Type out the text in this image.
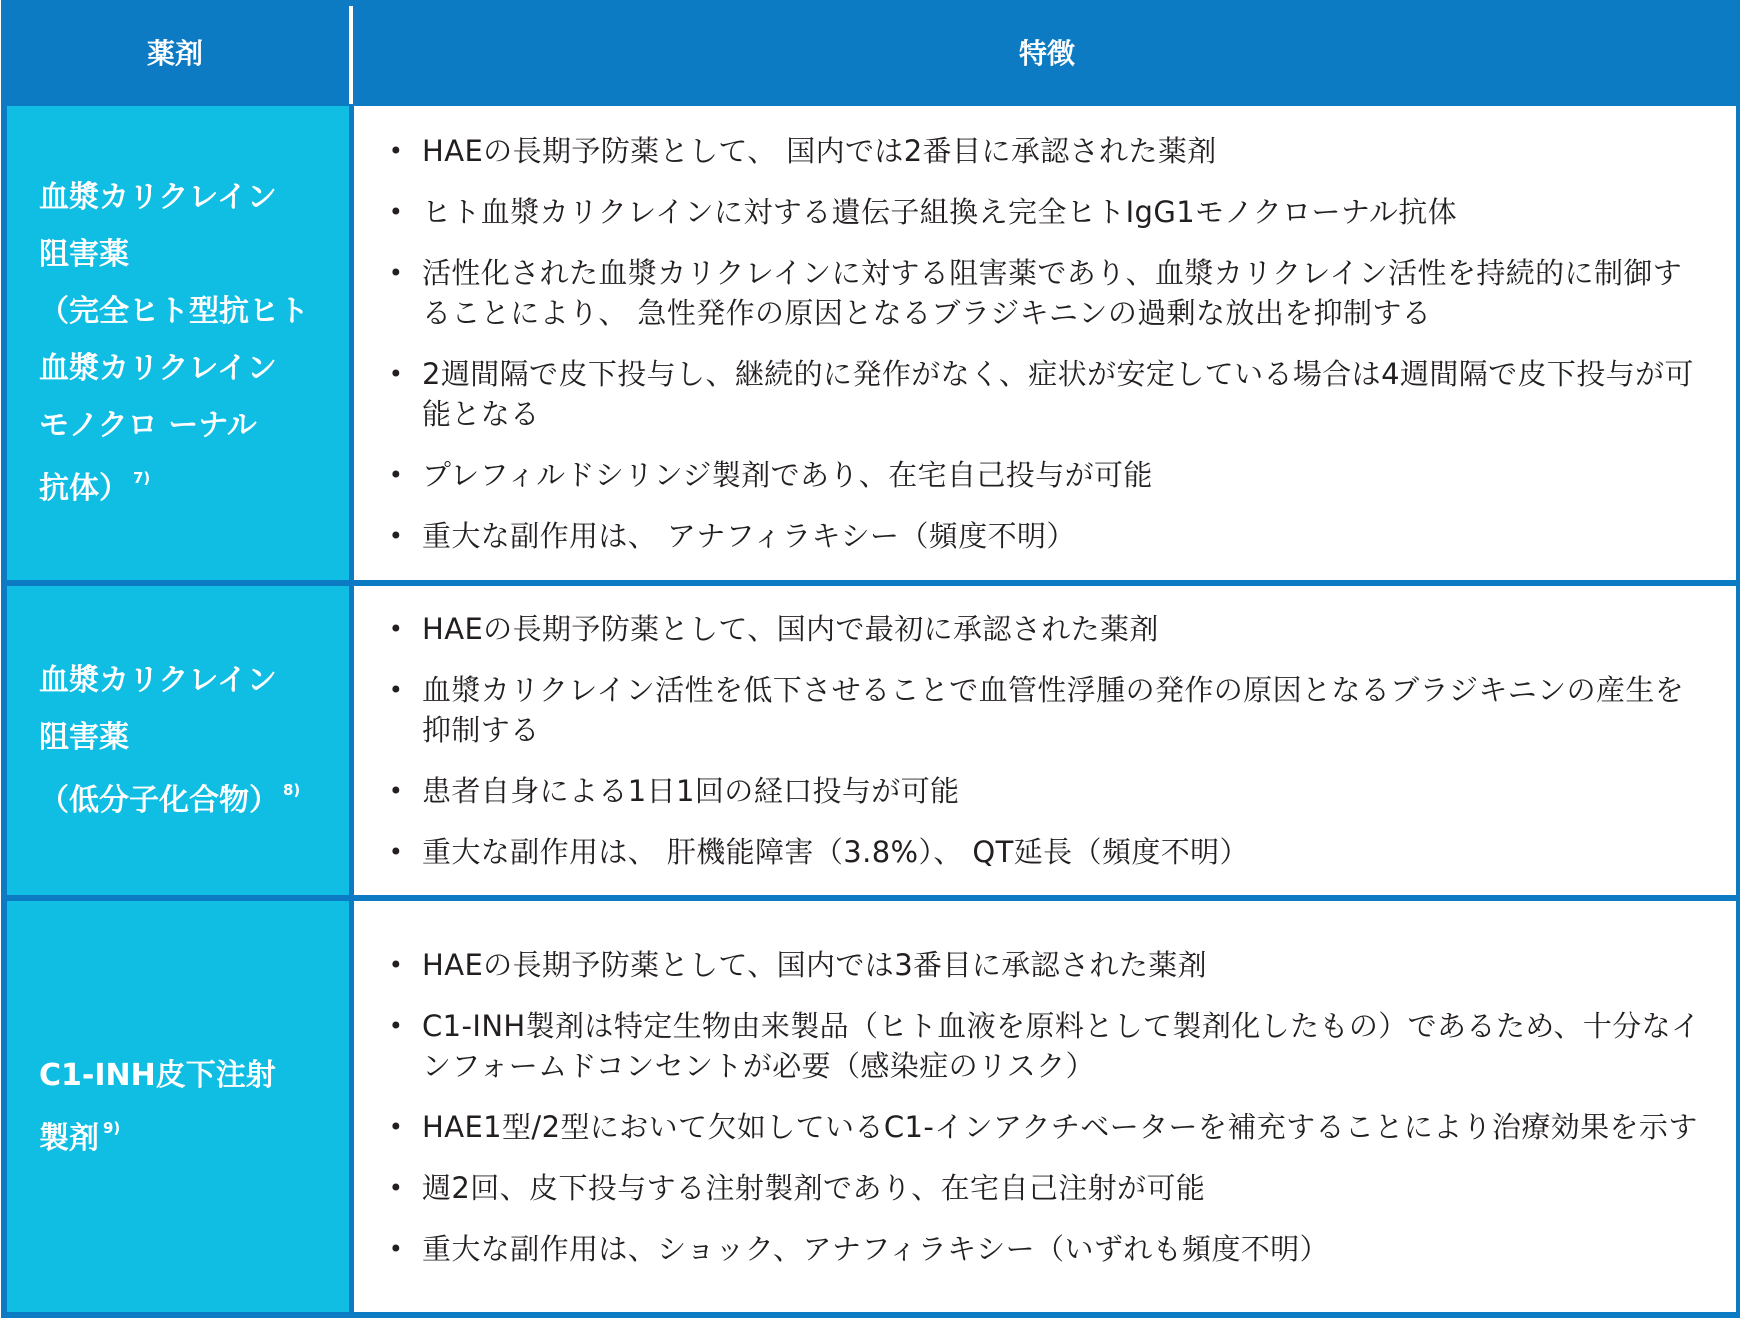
薬剤	特徴
血漿カリクレイン
阻害薬
（完全ヒト型抗ヒト
血漿カリクレイン
モノクロ ーナル
抗体） $^{7)}$
• HAEの長期予防薬として、 国内では2番目に承認された薬剤
• ヒト血漿カリクレインに対する遺伝子組換え完全ヒトIgG1モノクローナル抗体
• 活性化された血漿カリクレインに対する阻害薬であり、血漿カリクレイン活性を持続的に制御することにより、 急性発作の原因となるブラジキニンの過剰な放出を抑制する
• 2週間隔で皮下投与し、継続的に発作がなく、症状が安定している場合は4週間隔で皮下投与が可能となる
• プレフィルドシリンジ製剤であり、在宅自己投与が可能
• 重大な副作用は、 アナフィラキシー（頻度不明）
血漿カリクレイン
阻害薬
（低分子化合物） $^{8)}$
• HAEの長期予防薬として、国内で最初に承認された薬剤
• 血漿カリクレイン活性を低下させることで血管性浮腫の発作の原因となるブラジキニンの産生を抑制する
• 患者自身による1日1回の経口投与が可能
• 重大な副作用は、 肝機能障害（3.8%）、 QT延長（頻度不明）
C1-INH皮下注射
製剤 $^{9)}$
• HAEの長期予防薬として、国内では3番目に承認された薬剤
• C1-INH製剤は特定生物由来製品（ヒト血液を原料として製剤化したもの）であるため、十分なインフォームドコンセントが必要（感染症のリスク）
• HAE1型/2型において欠如しているC1-インアクチベーターを補充することにより治療効果を示す
• 週2回、皮下投与する注射製剤であり、在宅自己注射が可能
• 重大な副作用は、ショック、アナフィラキシー（いずれも頻度不明）
